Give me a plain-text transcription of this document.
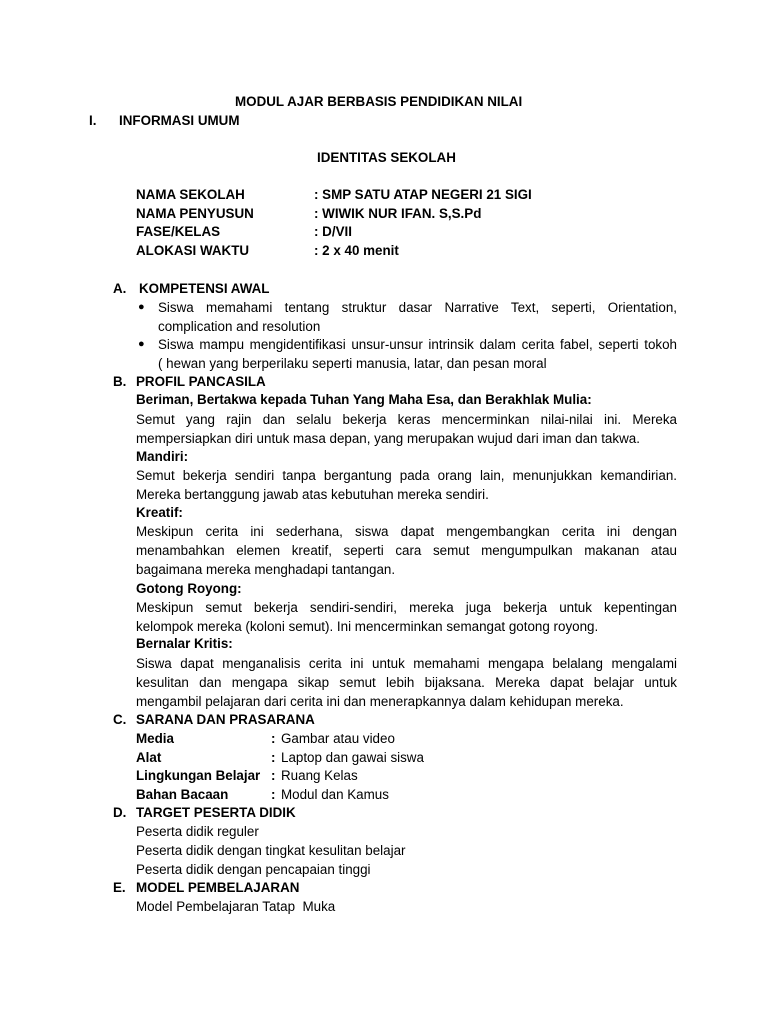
MODUL AJAR BERBASIS PENDIDIKAN NILAI
I. INFORMASI UMUM
IDENTITAS SEKOLAH
NAMA SEKOLAH	: SMP SATU ATAP NEGERI 21 SIGI
NAMA PENYUSUN	: WIWIK NUR IFAN. S,S.Pd
FASE/KELAS	: D/VII
ALOKASI WAKTU	: 2 x 40 menit
A. KOMPETENSI AWAL
● Siswa memahami tentang struktur dasar Narrative Text, seperti, Orientation,
complication and resolution
● Siswa mampu mengidentifikasi unsur-unsur intrinsik dalam cerita fabel, seperti tokoh
( hewan yang berperilaku seperti manusia, latar, dan pesan moral
B. PROFIL PANCASILA
Beriman, Bertakwa kepada Tuhan Yang Maha Esa, dan Berakhlak Mulia:
Semut yang rajin dan selalu bekerja keras mencerminkan nilai-nilai ini. Mereka
mempersiapkan diri untuk masa depan, yang merupakan wujud dari iman dan takwa.
Mandiri:
Semut bekerja sendiri tanpa bergantung pada orang lain, menunjukkan kemandirian.
Mereka bertanggung jawab atas kebutuhan mereka sendiri.
Kreatif:
Meskipun cerita ini sederhana, siswa dapat mengembangkan cerita ini dengan
menambahkan elemen kreatif, seperti cara semut mengumpulkan makanan atau
bagaimana mereka menghadapi tantangan.
Gotong Royong:
Meskipun semut bekerja sendiri-sendiri, mereka juga bekerja untuk kepentingan
kelompok mereka (koloni semut). Ini mencerminkan semangat gotong royong.
Bernalar Kritis:
Siswa dapat menganalisis cerita ini untuk memahami mengapa belalang mengalami
kesulitan dan mengapa sikap semut lebih bijaksana. Mereka dapat belajar untuk
mengambil pelajaran dari cerita ini dan menerapkannya dalam kehidupan mereka.
C. SARANA DAN PRASARANA
Media	: Gambar atau video
Alat	: Laptop dan gawai siswa
Lingkungan Belajar : Ruang Kelas
Bahan Bacaan	: Modul dan Kamus
D. TARGET PESERTA DIDIK
Peserta didik reguler
Peserta didik dengan tingkat kesulitan belajar
Peserta didik dengan pencapaian tinggi
E. MODEL PEMBELAJARAN
Model Pembelajaran Tatap  Muka
